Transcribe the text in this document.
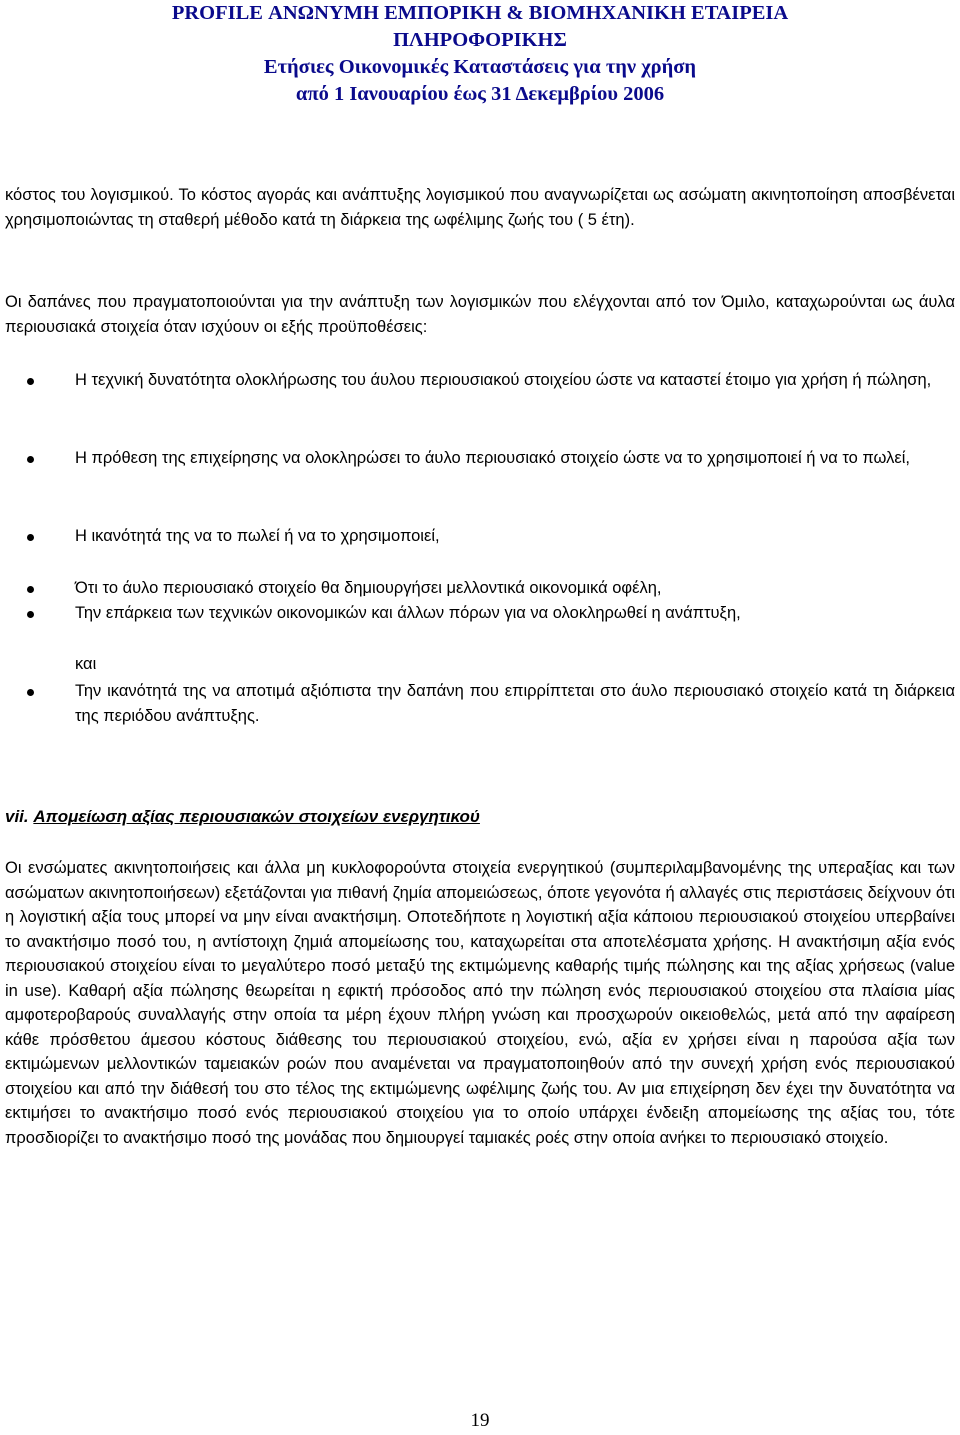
PROFILE ΑΝΩΝΥΜΗ ΕΜΠΟΡΙΚΗ & ΒΙΟΜΗΧΑΝΙΚΗ ΕΤΑΙΡΕΙΑ
ΠΛΗΡΟΦΟΡΙΚΗΣ
Ετήσιες Οικονομικές Καταστάσεις για την χρήση
από 1 Ιανουαρίου έως 31 Δεκεμβρίου 2006
κόστος του λογισμικού. Το κόστος αγοράς και ανάπτυξης λογισμικού που αναγνωρίζεται ως ασώματη ακινητοποίηση αποσβένεται χρησιμοποιώντας τη σταθερή μέθοδο κατά τη διάρκεια της ωφέλιμης ζωής του ( 5 έτη).
Οι δαπάνες που πραγματοποιούνται για την ανάπτυξη των λογισμικών που ελέγχονται από τον Όμιλο, καταχωρούνται ως άυλα περιουσιακά στοιχεία όταν ισχύουν οι εξής προϋποθέσεις:
Η τεχνική δυνατότητα ολοκλήρωσης του άυλου περιουσιακού στοιχείου ώστε να καταστεί έτοιμο για χρήση ή πώληση,
Η πρόθεση της επιχείρησης να ολοκληρώσει το άυλο περιουσιακό στοιχείο ώστε να το χρησιμοποιεί ή να το πωλεί,
Η ικανότητά της να το πωλεί ή να το χρησιμοποιεί,
Ότι το άυλο περιουσιακό στοιχείο θα δημιουργήσει μελλοντικά οικονομικά οφέλη,
Την επάρκεια των τεχνικών οικονομικών και άλλων πόρων για να ολοκληρωθεί η ανάπτυξη,
και
Την ικανότητά της να αποτιμά αξιόπιστα την δαπάνη που επιρρίπτεται στο άυλο περιουσιακό στοιχείο κατά τη διάρκεια της περιόδου ανάπτυξης.
vii. Απομείωση αξίας περιουσιακών στοιχείων ενεργητικού
Οι ενσώματες ακινητοποιήσεις και άλλα μη κυκλοφορούντα στοιχεία ενεργητικού (συμπεριλαμβανομένης της υπεραξίας και των ασώματων ακινητοποιήσεων) εξετάζονται για πιθανή ζημία απομειώσεως, όποτε γεγονότα ή αλλαγές στις περιστάσεις δείχνουν ότι η λογιστική αξία τους μπορεί να μην είναι ανακτήσιμη. Οποτεδήποτε η λογιστική αξία κάποιου περιουσιακού στοιχείου υπερβαίνει το ανακτήσιμο ποσό του, η αντίστοιχη ζημιά απομείωσης του, καταχωρείται στα αποτελέσματα χρήσης. Η ανακτήσιμη αξία ενός περιουσιακού στοιχείου είναι το μεγαλύτερο ποσό μεταξύ της εκτιμώμενης καθαρής τιμής πώλησης και της αξίας χρήσεως (value in use). Καθαρή αξία πώλησης θεωρείται η εφικτή πρόσοδος από την πώληση ενός περιουσιακού στοιχείου στα πλαίσια μίας αμφοτεροβαρούς συναλλαγής στην οποία τα μέρη έχουν πλήρη γνώση και προσχωρούν οικειοθελώς, μετά από την αφαίρεση κάθε πρόσθετου άμεσου κόστους διάθεσης του περιουσιακού στοιχείου, ενώ, αξία εν χρήσει είναι η παρούσα αξία των εκτιμώμενων μελλοντικών ταμειακών ροών που αναμένεται να πραγματοποιηθούν από την συνεχή χρήση ενός περιουσιακού στοιχείου και από την διάθεσή του στο τέλος της εκτιμώμενης ωφέλιμης ζωής του. Αν μια επιχείρηση δεν έχει την δυνατότητα να εκτιμήσει το ανακτήσιμο ποσό ενός περιουσιακού στοιχείου για το οποίο υπάρχει ένδειξη απομείωσης της αξίας του, τότε προσδιορίζει το ανακτήσιμο ποσό της μονάδας που δημιουργεί ταμιακές ροές στην οποία ανήκει το περιουσιακό στοιχείο.
19
